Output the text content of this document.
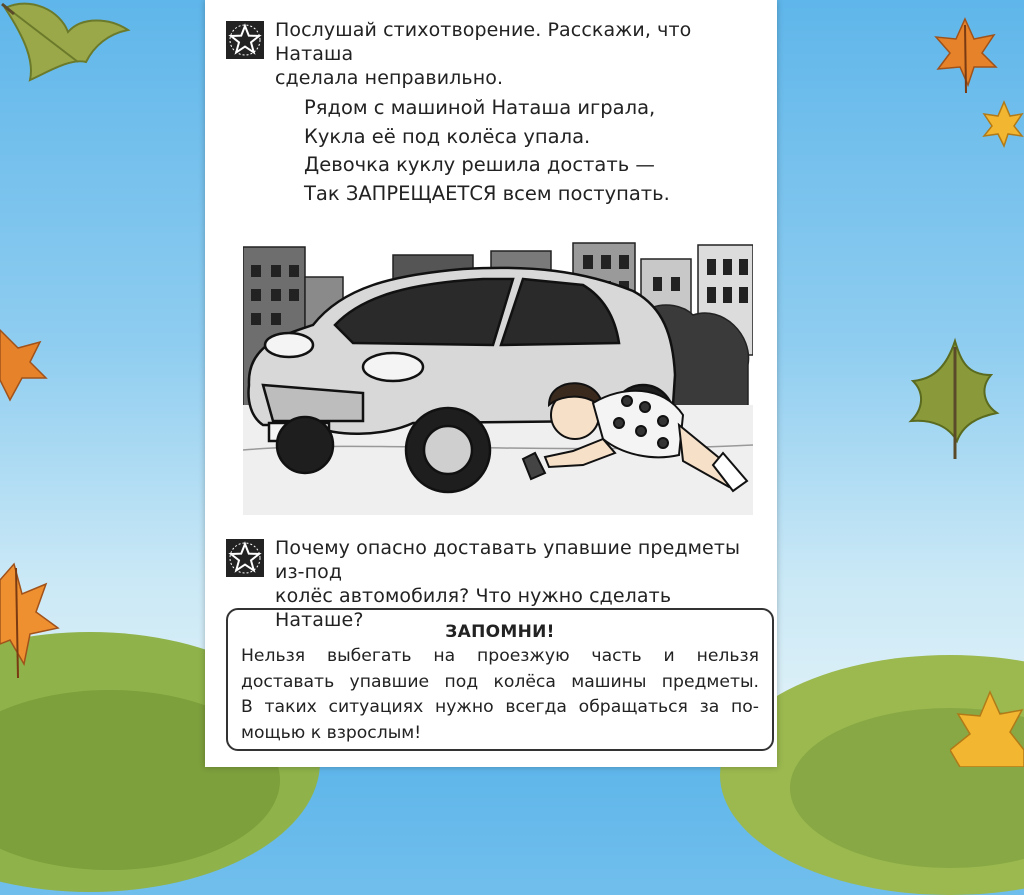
Послушай стихотворение. Расскажи, что Наташа
сделала неправильно.
Рядом с машиной Наташа играла,
Кукла её под колёса упала.
Девочка куклу решила достать —
Так ЗАПРЕЩАЕТСЯ всем поступать.
Почему опасно доставать упавшие предметы из-под
колёс автомобиля? Что нужно сделать Наташе?
ЗАПОМНИ!
Нельзя выбегать на проезжую часть и нельзя
доставать упавшие под колёса машины предметы.
В таких ситуациях нужно всегда обращаться за по-
мощью к взрослым!
